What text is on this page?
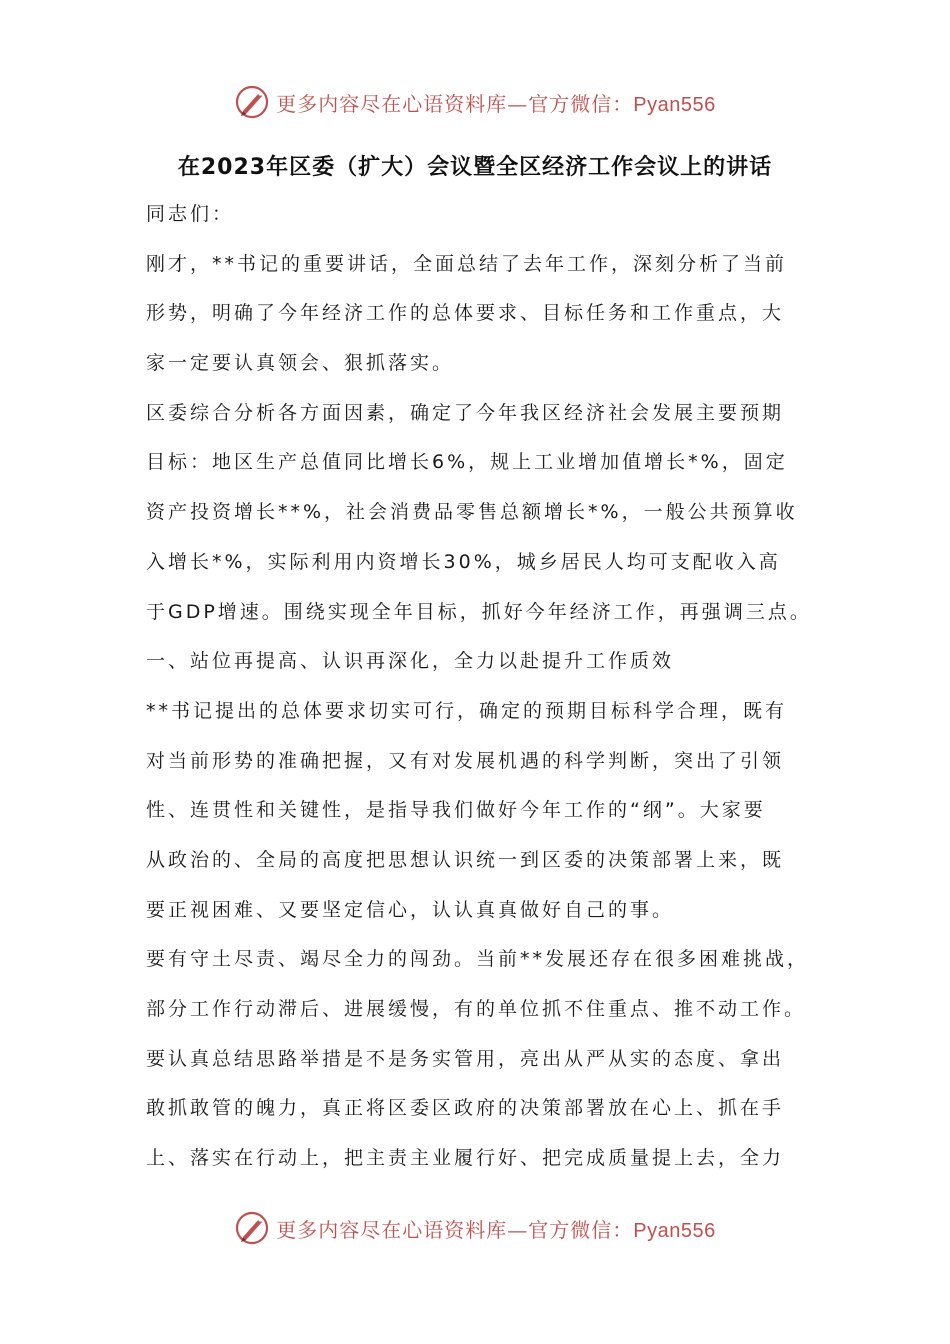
更多内容尽在心语资料库—官方微信：Pyan556
在2023年区委（扩大）会议暨全区经济工作会议上的讲话
同志们：
刚才，**书记的重要讲话，全面总结了去年工作，深刻分析了当前
形势，明确了今年经济工作的总体要求、目标任务和工作重点，大
家一定要认真领会、狠抓落实。
区委综合分析各方面因素，确定了今年我区经济社会发展主要预期
目标：地区生产总值同比增长6%，规上工业增加值增长*%，固定
资产投资增长**%，社会消费品零售总额增长*%，一般公共预算收
入增长*%，实际利用内资增长30%，城乡居民人均可支配收入高
于GDP增速。围绕实现全年目标，抓好今年经济工作，再强调三点。
一、站位再提高、认识再深化，全力以赴提升工作质效
**书记提出的总体要求切实可行，确定的预期目标科学合理，既有
对当前形势的准确把握，又有对发展机遇的科学判断，突出了引领
性、连贯性和关键性，是指导我们做好今年工作的“纲”。大家要
从政治的、全局的高度把思想认识统一到区委的决策部署上来，既
要正视困难、又要坚定信心，认认真真做好自己的事。
要有守土尽责、竭尽全力的闯劲。当前**发展还存在很多困难挑战，
部分工作行动滞后、进展缓慢，有的单位抓不住重点、推不动工作。
要认真总结思路举措是不是务实管用，亮出从严从实的态度、拿出
敢抓敢管的魄力，真正将区委区政府的决策部署放在心上、抓在手
上、落实在行动上，把主责主业履行好、把完成质量提上去，全力
更多内容尽在心语资料库—官方微信：Pyan556
